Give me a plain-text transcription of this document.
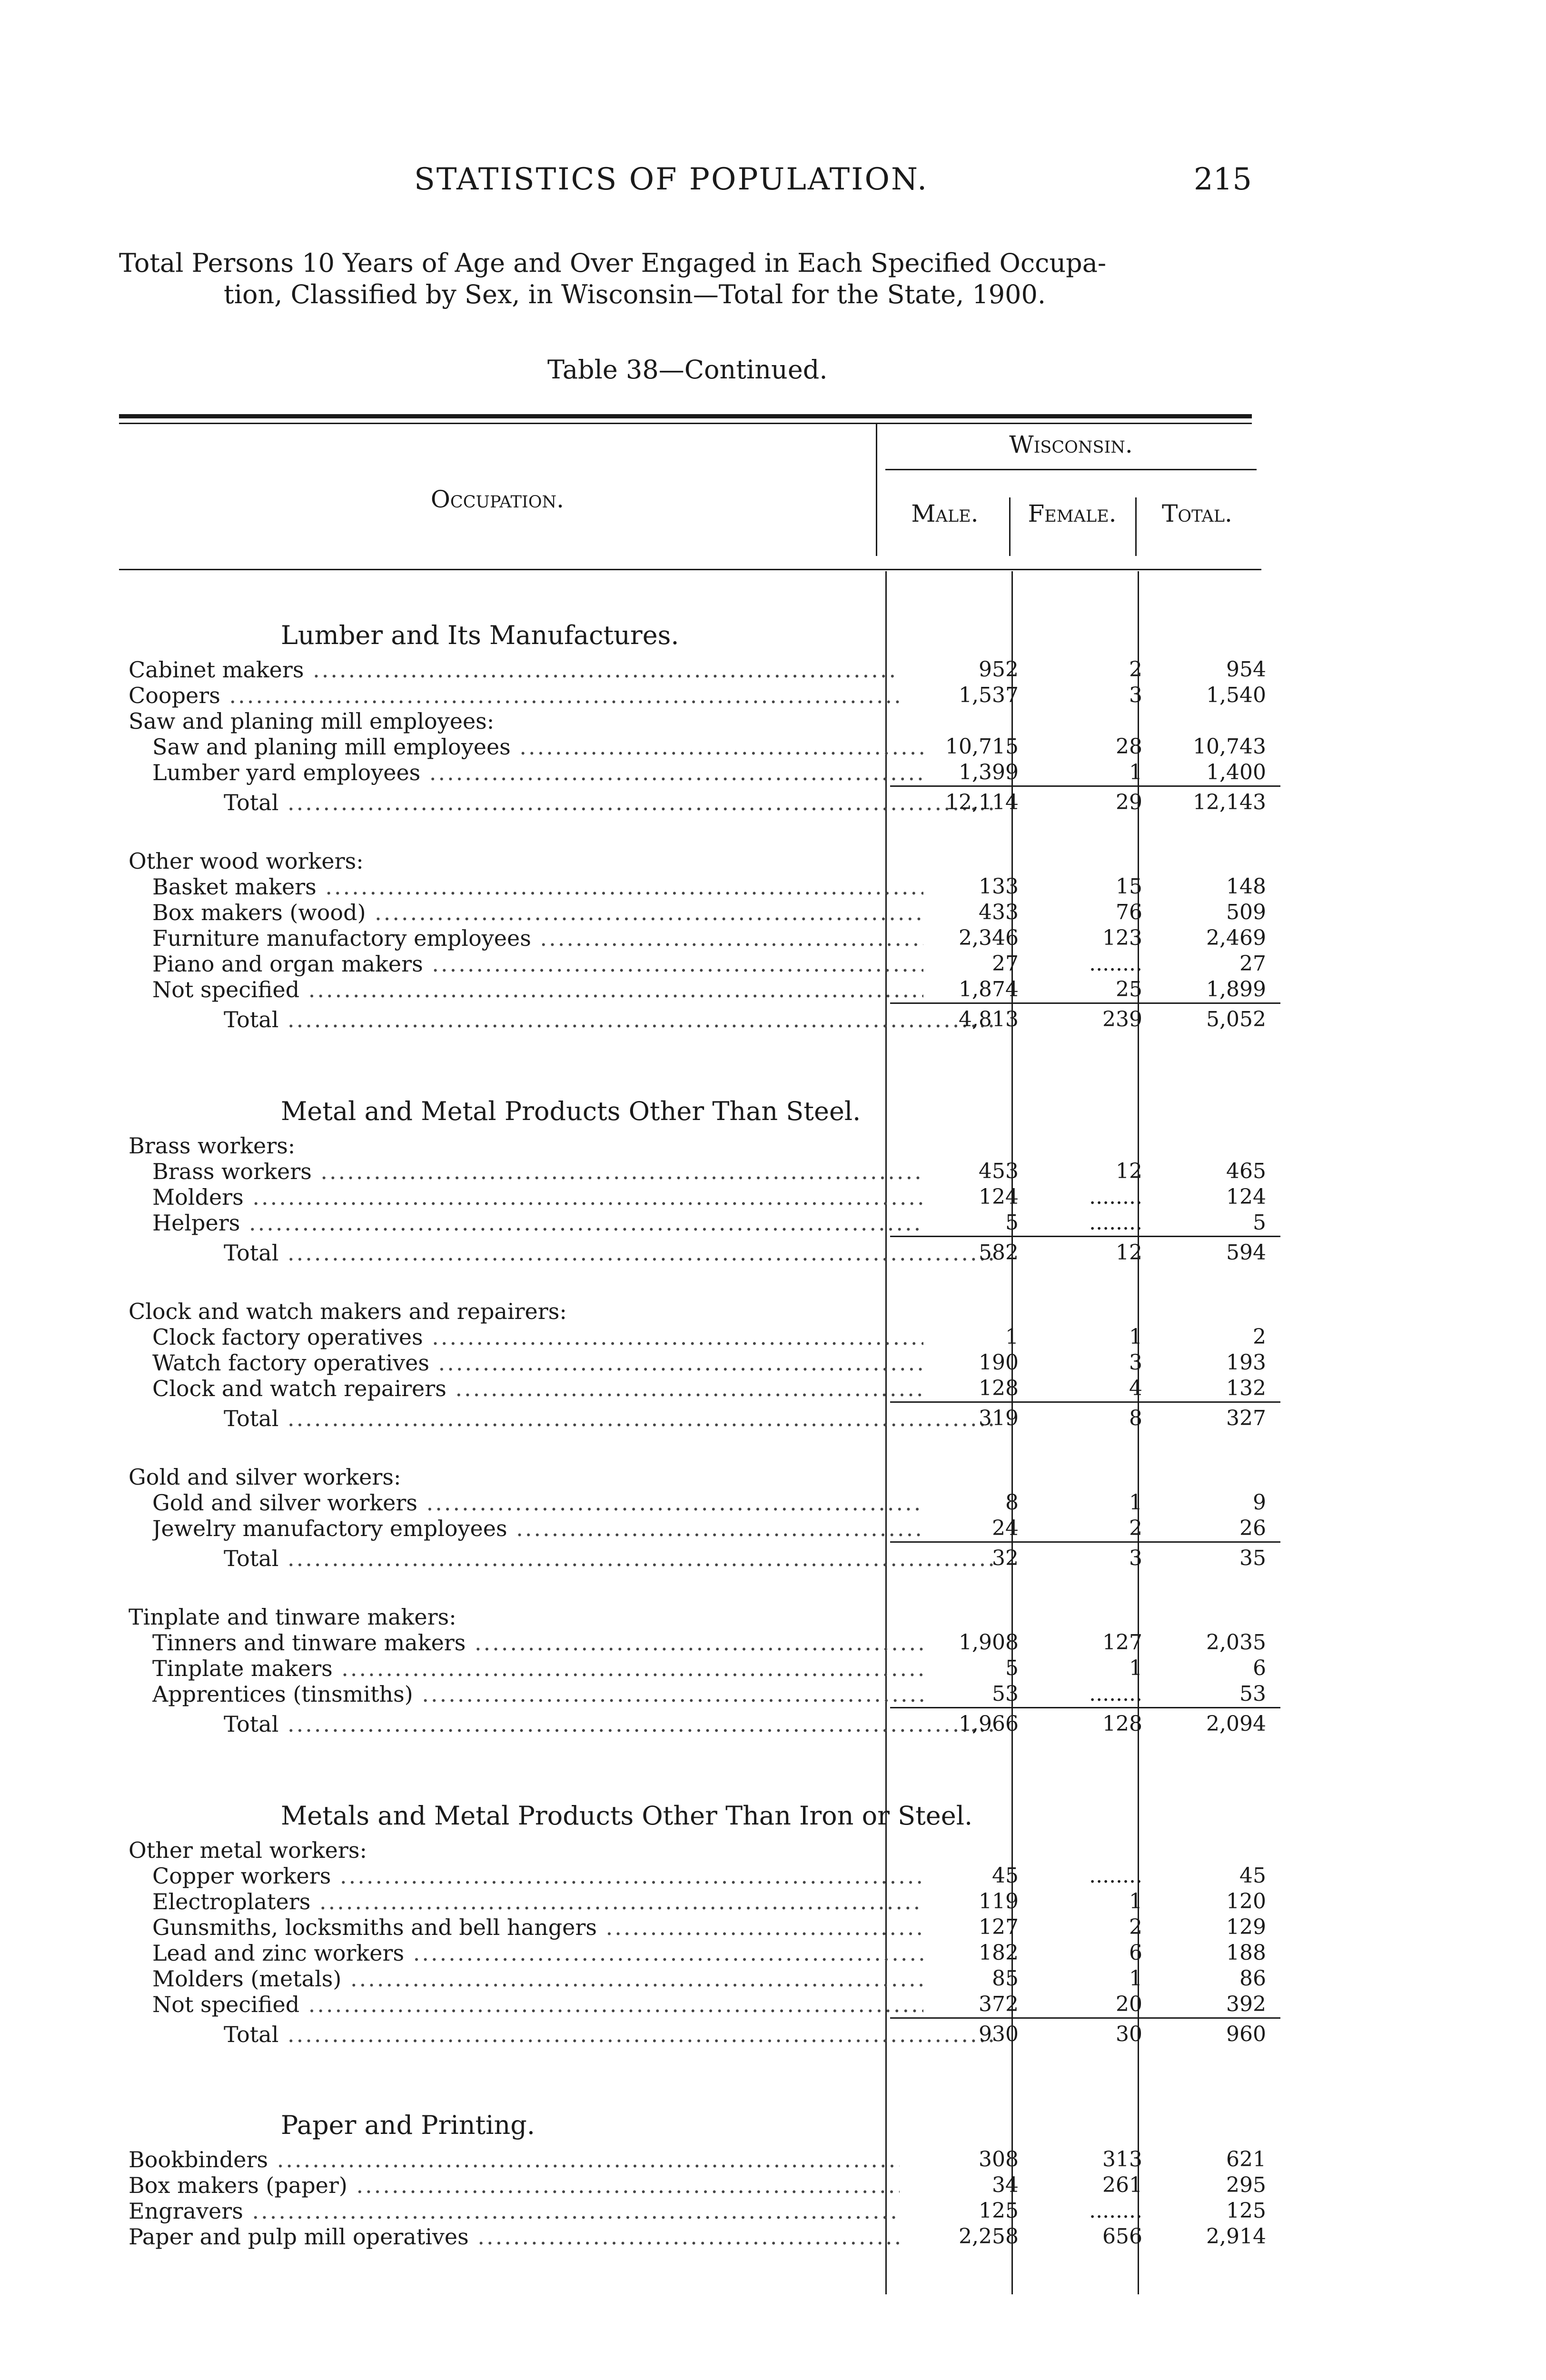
STATISTICS OF POPULATION.	215
Total Persons 10 Years of Age and Over Engaged in Each Specified Occupa-
tion, Classified by Sex, in Wisconsin—Total for the State, 1900.
Table 38—Continued.
Occupation.
Wisconsin.
Male.	Female.	Total.
Lumber and Its Manufactures.
Cabinet makers .....	952	2	954
Coopers .....	1,537	3	1,540
Saw and planing mill employees:
Saw and planing mill employees .....	10,715	28	10,743
Lumber yard employees .....	1,399	1	1,400
Total .....	12,114	29	12,143
Other wood workers:
Basket makers .....	133	15	148
Box makers (wood) .....	433	76	509
Furniture manufactory employees .....	2,346	123	2,469
Piano and organ makers .....	27	........	27
Not specified .....	1,874	25	1,899
Total .....	4,813	239	5,052
Metal and Metal Products Other Than Steel.
Brass workers:
Brass workers .....	453	12	465
Molders .....	124	........	124
Helpers .....	5	........	5
Total .....	582	12	594
Clock and watch makers and repairers:
Clock factory operatives .....	1	1	2
Watch factory operatives .....	190	3	193
Clock and watch repairers .....	128	4	132
Total .....	319	8	327
Gold and silver workers:
Gold and silver workers .....	8	1	9
Jewelry manufactory employees .....	24	2	26
Total .....	32	3	35
Tinplate and tinware makers:
Tinners and tinware makers .....	1,908	127	2,035
Tinplate makers .....	5	1	6
Apprentices (tinsmiths) .....	53	........	53
Total .....	1,966	128	2,094
Metals and Metal Products Other Than Iron or Steel.
Other metal workers:
Copper workers .....	45	........	45
Electroplaters .....	119	1	120
Gunsmiths, locksmiths and bell hangers .....	127	2	129
Lead and zinc workers .....	182	6	188
Molders (metals) .....	85	1	86
Not specified .....	372	20	392
Total .....	930	30	960
Paper and Printing.
Bookbinders .....	308	313	621
Box makers (paper) .....	34	261	295
Engravers .....	125	........	125
Paper and pulp mill operatives .....	2,258	656	2,914
